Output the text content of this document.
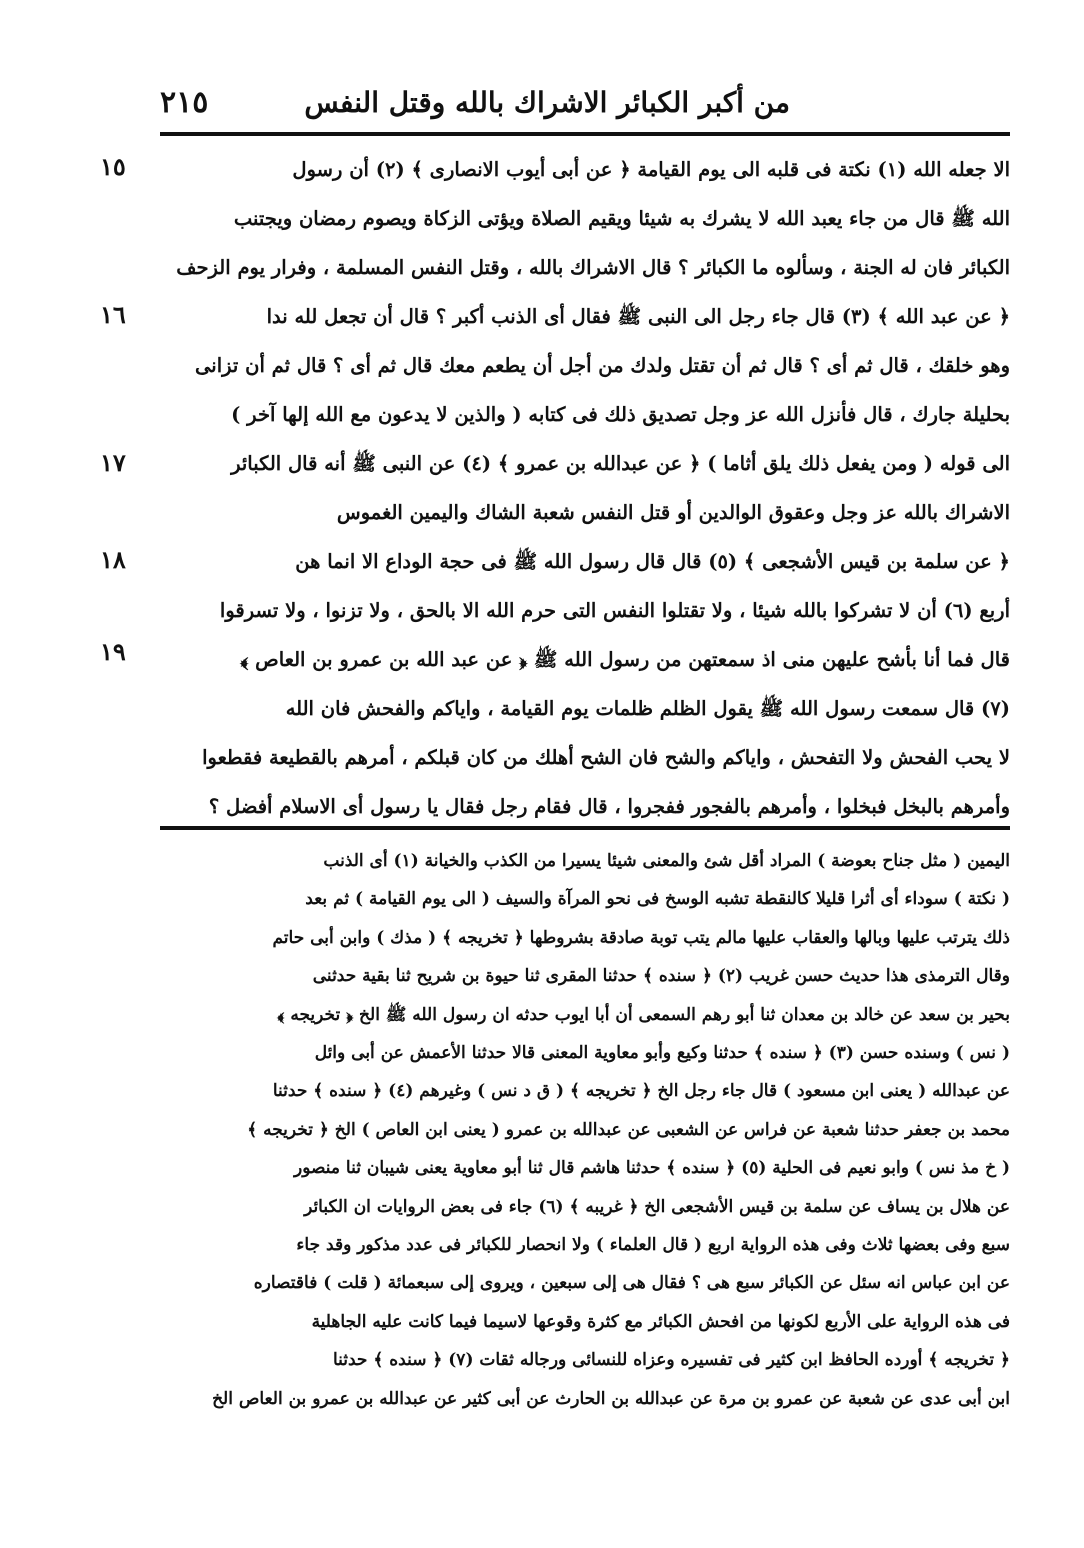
٢١٥	من أكبر الكبائر الاشراك بالله وقتل النفس
١٥
١٦
١٧
١٨
١٩

الا جعله الله (١) نكتة فى قلبه الى يوم القيامة ﴿ عن أبى أيوب الانصارى ﴾ (٢) أن رسول

الله ﷺ قال من جاء يعبد الله لا يشرك به شيئا ويقيم الصلاة ويؤتى الزكاة ويصوم رمضان ويجتنب

الكبائر فان له الجنة ، وسألوه ما الكبائر ؟ قال الاشراك بالله ، وقتل النفس المسلمة ، وفرار يوم الزحف

﴿ عن عبد الله ﴾ (٣) قال جاء رجل الى النبى ﷺ فقال أى الذنب أكبر ؟ قال أن تجعل لله ندا

وهو خلقك ، قال ثم أى ؟ قال ثم أن تقتل ولدك من أجل أن يطعم معك قال ثم أى ؟ قال ثم أن تزانى

بحليلة جارك ، قال فأنزل الله عز وجل تصديق ذلك فى كتابه ( والذين لا يدعون مع الله إلها آخر )

الى قوله ( ومن يفعل ذلك يلق أثاما ) ﴿ عن عبدالله بن عمرو ﴾ (٤) عن النبى ﷺ أنه قال الكبائر

الاشراك بالله عز وجل وعقوق الوالدين أو قتل النفس شعبة الشاك واليمين الغموس

﴿ عن سلمة بن قيس الأشجعى ﴾ (٥) قال قال رسول الله ﷺ فى حجة الوداع الا انما هن

أربع (٦) أن لا تشركوا بالله شيئا ، ولا تقتلوا النفس التى حرم الله الا بالحق ، ولا تزنوا ، ولا تسرقوا

قال فما أنا بأشح عليهن منى اذ سمعتهن من رسول الله ﷺ ﴿ عن عبد الله بن عمرو بن العاص ﴾

(٧) قال سمعت رسول الله ﷺ يقول الظلم ظلمات يوم القيامة ، واياكم والفحش فان الله

لا يحب الفحش ولا التفحش ، واياكم والشح فان الشح أهلك من كان قبلكم ، أمرهم بالقطيعة فقطعوا

وأمرهم بالبخل فبخلوا ، وأمرهم بالفجور ففجروا ، قال فقام رجل فقال يا رسول أى الاسلام أفضل ؟

اليمين ( مثل جناح بعوضة ) المراد أقل شئ والمعنى شيئا يسيرا من الكذب والخيانة (١) أى الذنب

( نكتة ) سوداء أى أثرا قليلا كالنقطة تشبه الوسخ فى نحو المرآة والسيف ( الى يوم القيامة ) ثم بعد

ذلك يترتب عليها وبالها والعقاب عليها مالم يتب توبة صادقة بشروطها ﴿ تخريجه ﴾ ( مذك ) وابن أبى حاتم

وقال الترمذى هذا حديث حسن غريب (٢) ﴿ سنده ﴾ حدثنا المقرى ثنا حيوة بن شريح ثنا بقية حدثنى

بحير بن سعد عن خالد بن معدان ثنا أبو رهم السمعى أن أبا ايوب حدثه ان رسول الله ﷺ الخ ﴿ تخريجه ﴾

( نس ) وسنده حسن (٣) ﴿ سنده ﴾ حدثنا وكيع وأبو معاوية المعنى قالا حدثنا الأعمش عن أبى وائل

عن عبدالله ( يعنى ابن مسعود ) قال جاء رجل الخ ﴿ تخريجه ﴾ ( ق د نس ) وغيرهم (٤) ﴿ سنده ﴾ حدثنا

محمد بن جعفر حدثنا شعبة عن فراس عن الشعبى عن عبدالله بن عمرو ( يعنى ابن العاص ) الخ ﴿ تخريجه ﴾

( خ مذ نس ) وابو نعيم فى الحلية (٥) ﴿ سنده ﴾ حدثنا هاشم قال ثنا أبو معاوية يعنى شيبان ثنا منصور

عن هلال بن يساف عن سلمة بن قيس الأشجعى الخ ﴿ غريبه ﴾ (٦) جاء فى بعض الروايات ان الكبائر

سبع وفى بعضها ثلاث وفى هذه الرواية اربع ( قال العلماء ) ولا انحصار للكبائر فى عدد مذكور وقد جاء

عن ابن عباس انه سئل عن الكبائر سبع هى ؟ فقال هى إلى سبعين ، ويروى إلى سبعمائة ( قلت ) فاقتصاره

فى هذه الرواية على الأربع لكونها من افحش الكبائر مع كثرة وقوعها لاسيما فيما كانت عليه الجاهلية

﴿ تخريجه ﴾ أورده الحافظ ابن كثير فى تفسيره وعزاه للنسائى ورجاله ثقات (٧) ﴿ سنده ﴾ حدثنا

ابن أبى عدى عن شعبة عن عمرو بن مرة عن عبدالله بن الحارث عن أبى كثير عن عبدالله بن عمرو بن العاص الخ
